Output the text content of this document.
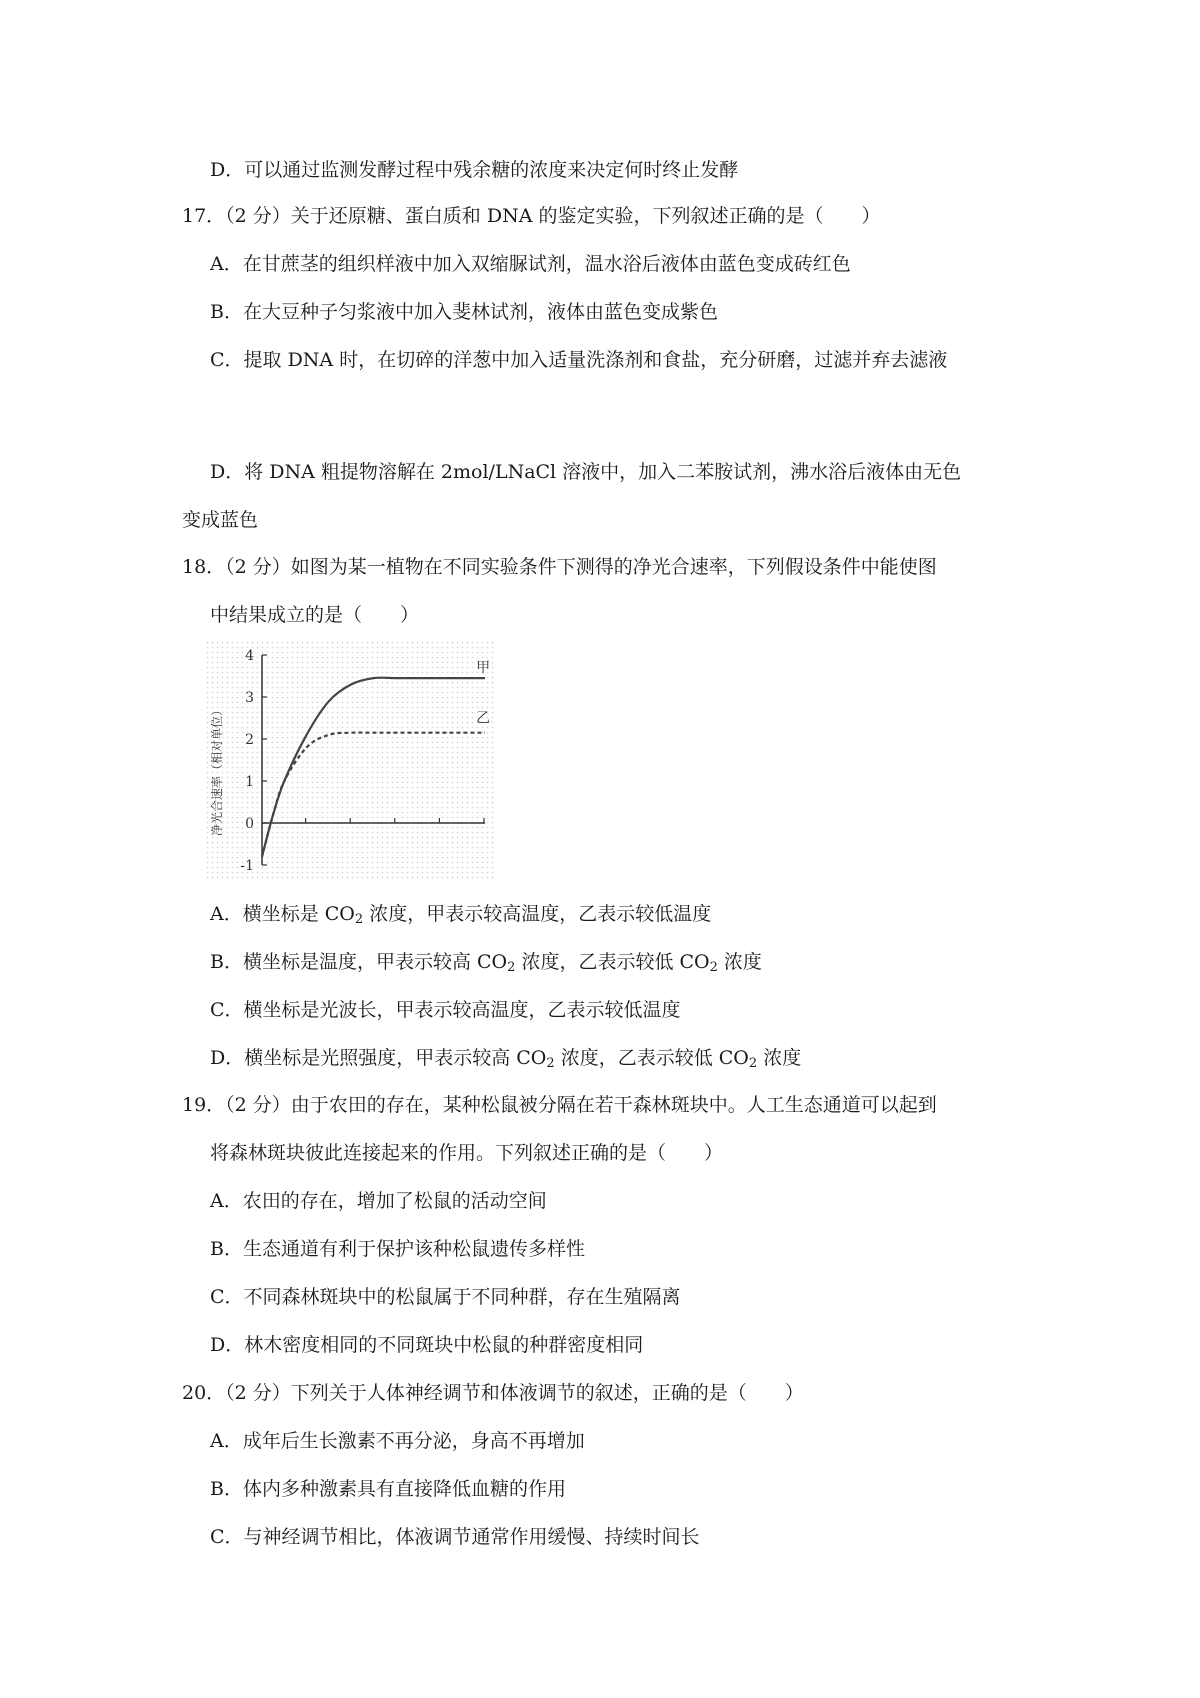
D．可以通过监测发酵过程中残余糖的浓度来决定何时终止发酵
17．（2 分）关于还原糖、蛋白质和 DNA 的鉴定实验，下列叙述正确的是（　　）
A．在甘蔗茎的组织样液中加入双缩脲试剂，温水浴后液体由蓝色变成砖红色
B．在大豆种子匀浆液中加入斐林试剂，液体由蓝色变成紫色
C．提取 DNA 时，在切碎的洋葱中加入适量洗涤剂和食盐，充分研磨，过滤并弃去滤液
D．将 DNA 粗提物溶解在 2mol/LNaCl 溶液中，加入二苯胺试剂，沸水浴后液体由无色
变成蓝色
18．（2 分）如图为某一植物在不同实验条件下测得的净光合速率，下列假设条件中能使图
中结果成立的是（　　）
4
3
2
1
0
-1
甲
乙
净光合速率（相对单位）
A．横坐标是 $CO_2$ 浓度，甲表示较高温度，乙表示较低温度
B．横坐标是温度，甲表示较高 $CO_2$ 浓度，乙表示较低 $CO_2$ 浓度
C．横坐标是光波长，甲表示较高温度，乙表示较低温度
D．横坐标是光照强度，甲表示较高 $CO_2$ 浓度，乙表示较低 $CO_2$ 浓度
19．（2 分）由于农田的存在，某种松鼠被分隔在若干森林斑块中。人工生态通道可以起到
将森林斑块彼此连接起来的作用。下列叙述正确的是（　　）
A．农田的存在，增加了松鼠的活动空间
B．生态通道有利于保护该种松鼠遗传多样性
C．不同森林斑块中的松鼠属于不同种群，存在生殖隔离
D．林木密度相同的不同斑块中松鼠的种群密度相同
20．（2 分）下列关于人体神经调节和体液调节的叙述，正确的是（　　）
A．成年后生长激素不再分泌，身高不再增加
B．体内多种激素具有直接降低血糖的作用
C．与神经调节相比，体液调节通常作用缓慢、持续时间长
